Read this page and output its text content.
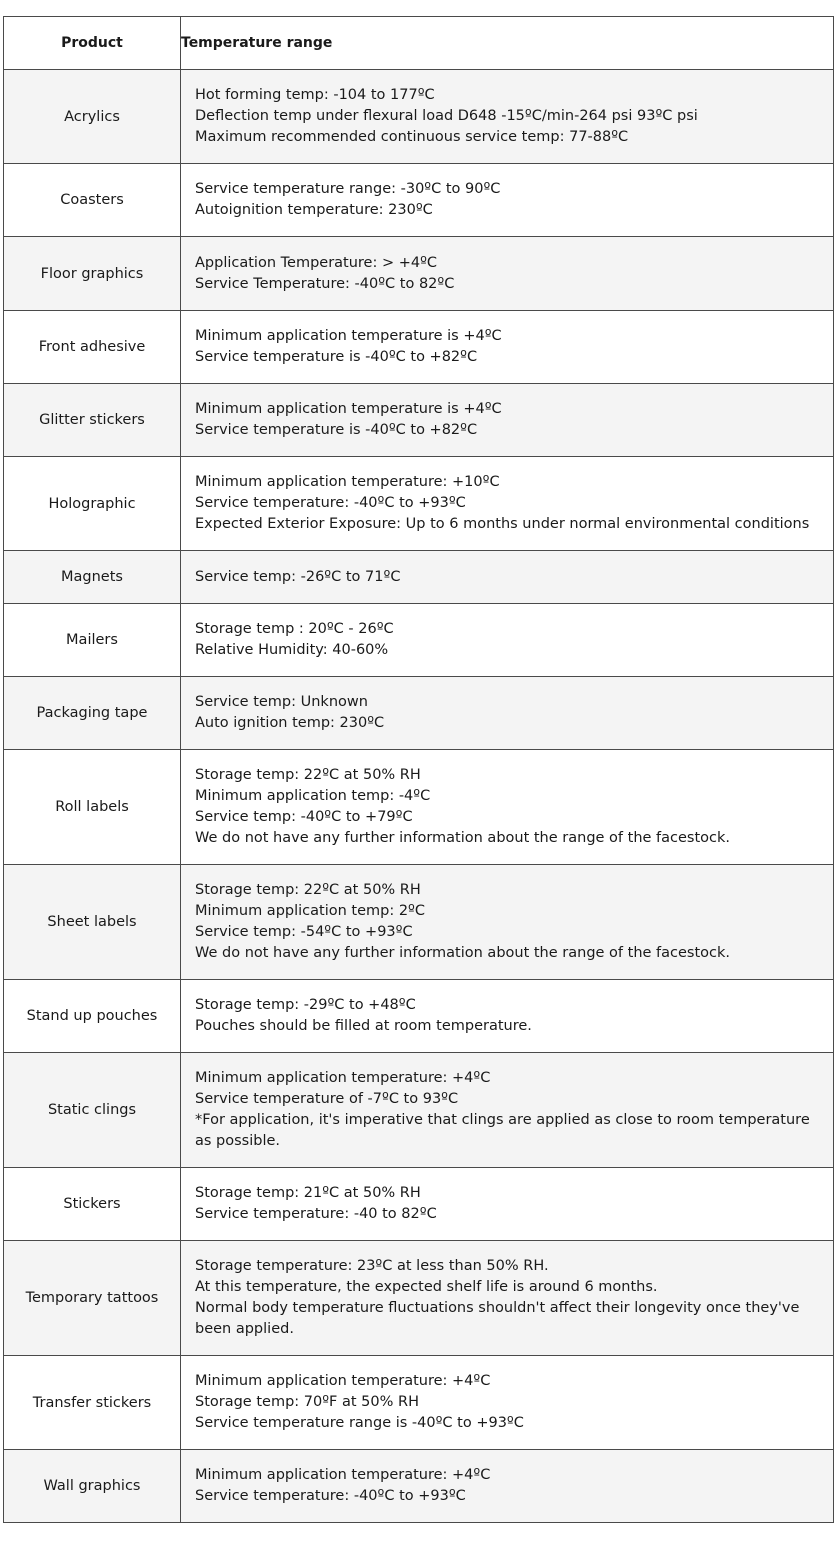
Product	Temperature range
Acrylics	Hot forming temp: -104 to 177ºC
Deflection temp under flexural load D648 -15ºC/min-264 psi 93ºC psi
Maximum recommended continuous service temp: 77-88ºC

Coasters	Service temperature range: -30ºC to 90ºC
Autoignition temperature: 230ºC

Floor graphics	Application Temperature: > +4ºC
Service Temperature: -40ºC to 82ºC

Front adhesive	Minimum application temperature is +4ºC
Service temperature is -40ºC to +82ºC

Glitter stickers	Minimum application temperature is +4ºC
Service temperature is -40ºC to +82ºC

Holographic	Minimum application temperature: +10ºC
Service temperature: -40ºC to +93ºC
Expected Exterior Exposure: Up to 6 months under normal environmental conditions

Magnets	Service temp: -26ºC to 71ºC

Mailers	Storage temp : 20ºC - 26ºC
Relative Humidity: 40-60%

Packaging tape	Service temp: Unknown
Auto ignition temp: 230ºC

Roll labels	Storage temp: 22ºC at 50% RH
Minimum application temp: -4ºC
Service temp: -40ºC to +79ºC
We do not have any further information about the range of the facestock.

Sheet labels	Storage temp: 22ºC at 50% RH
Minimum application temp: 2ºC
Service temp: -54ºC to +93ºC
We do not have any further information about the range of the facestock.

Stand up pouches	Storage temp: -29ºC to +48ºC
Pouches should be filled at room temperature.

Static clings	Minimum application temperature: +4ºC
Service temperature of -7ºC to 93ºC
*For application, it's imperative that clings are applied as close to room temperature as possible.

Stickers	Storage temp: 21ºC at 50% RH
Service temperature: -40 to 82ºC

Temporary tattoos	Storage temperature: 23ºC at less than 50% RH.
At this temperature, the expected shelf life is around 6 months.
Normal body temperature fluctuations shouldn't affect their longevity once they've been applied.

Transfer stickers	Minimum application temperature: +4ºC
Storage temp: 70ºF at 50% RH
Service temperature range is -40ºC to +93ºC

Wall graphics	Minimum application temperature: +4ºC
Service temperature: -40ºC to +93ºC
